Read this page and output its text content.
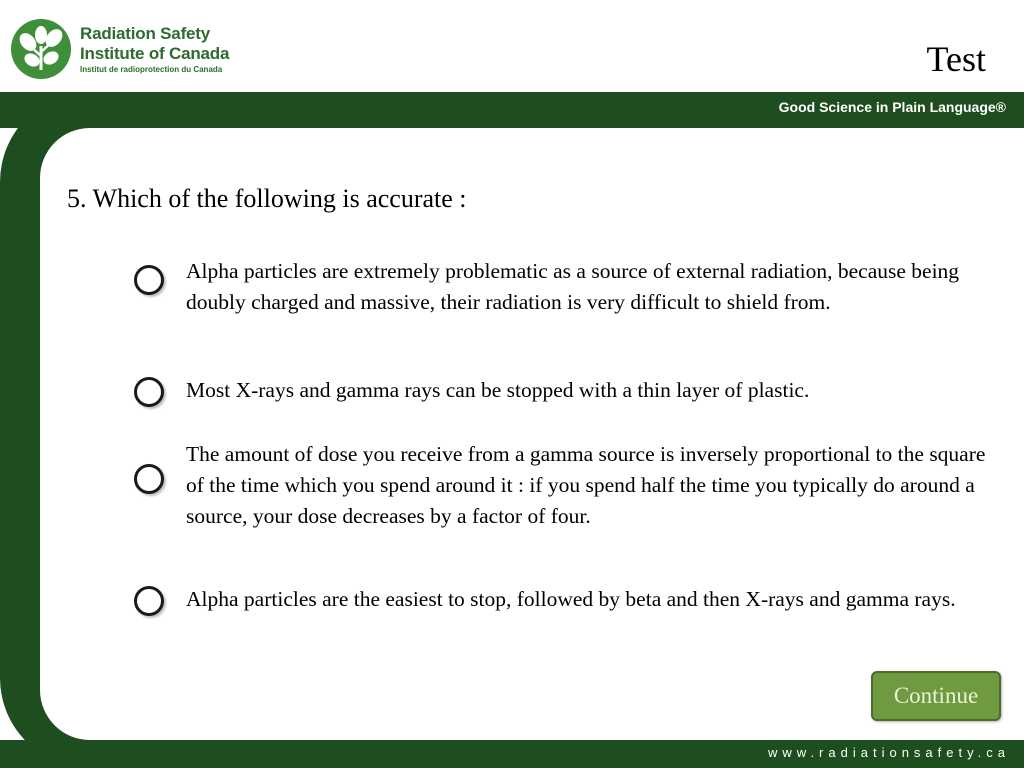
Radiation Safety
Institute of Canada
Institut de radioprotection du Canada	Test
Good Science in Plain Language®
www.radiationsafety.ca
5. Which of the following is accurate :
Alpha particles are extremely problematic as a source of external radiation, because being doubly charged and massive, their radiation is very difficult to shield from.
Most X-rays and gamma rays can be stopped with a thin layer of plastic.
The amount of dose you receive from a gamma source is inversely proportional to the square of the time which you spend around it : if you spend half the time you typically do around a source, your dose decreases by a factor of four.
Alpha particles are the easiest to stop, followed by beta and then X-rays and gamma rays.
Continue
